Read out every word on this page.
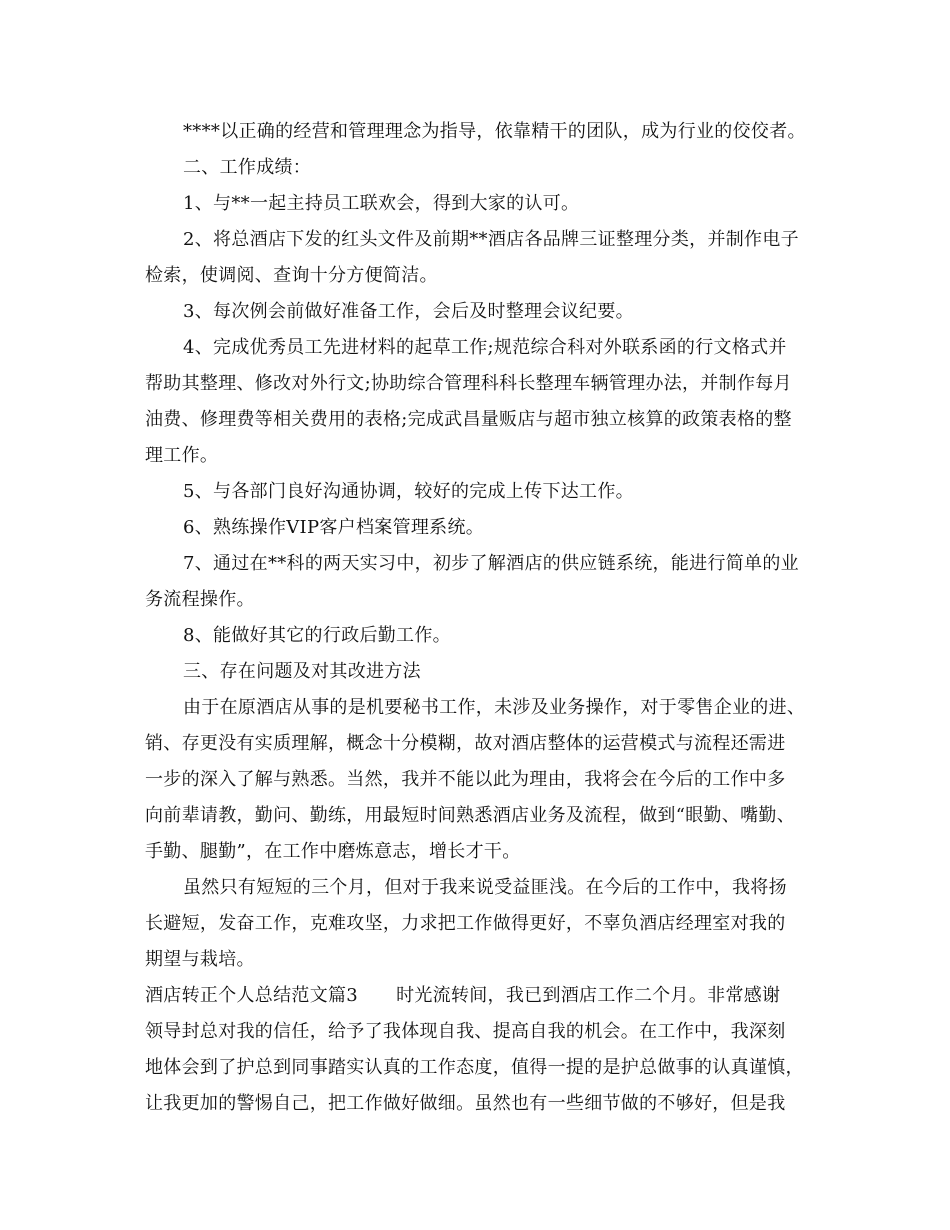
****以正确的经营和管理理念为指导，依靠精干的团队，成为行业的佼佼者。
二、工作成绩：
1、与**一起主持员工联欢会，得到大家的认可。
2、将总酒店下发的红头文件及前期**酒店各品牌三证整理分类，并制作电子
检索，使调阅、查询十分方便简洁。
3、每次例会前做好准备工作，会后及时整理会议纪要。
4、完成优秀员工先进材料的起草工作;规范综合科对外联系函的行文格式并
帮助其整理、修改对外行文;协助综合管理科科长整理车辆管理办法，并制作每月
油费、修理费等相关费用的表格;完成武昌量贩店与超市独立核算的政策表格的整
理工作。
5、与各部门良好沟通协调，较好的完成上传下达工作。
6、熟练操作VIP客户档案管理系统。
7、通过在**科的两天实习中，初步了解酒店的供应链系统，能进行简单的业
务流程操作。
8、能做好其它的行政后勤工作。
三、存在问题及对其改进方法
由于在原酒店从事的是机要秘书工作，未涉及业务操作，对于零售企业的进、
销、存更没有实质理解，概念十分模糊，故对酒店整体的运营模式与流程还需进
一步的深入了解与熟悉。当然，我并不能以此为理由，我将会在今后的工作中多
向前辈请教，勤问、勤练，用最短时间熟悉酒店业务及流程，做到“眼勤、嘴勤、
手勤、腿勤”，在工作中磨炼意志，增长才干。
虽然只有短短的三个月，但对于我来说受益匪浅。在今后的工作中，我将扬
长避短，发奋工作，克难攻坚，力求把工作做得更好，不辜负酒店经理室对我的
期望与栽培。
酒店转正个人总结范文篇3 时光流转间，我已到酒店工作二个月。非常感谢
领导封总对我的信任，给予了我体现自我、提高自我的机会。在工作中，我深刻
地体会到了护总到同事踏实认真的工作态度，值得一提的是护总做事的认真谨慎，
让我更加的警惕自己，把工作做好做细。虽然也有一些细节做的不够好，但是我
